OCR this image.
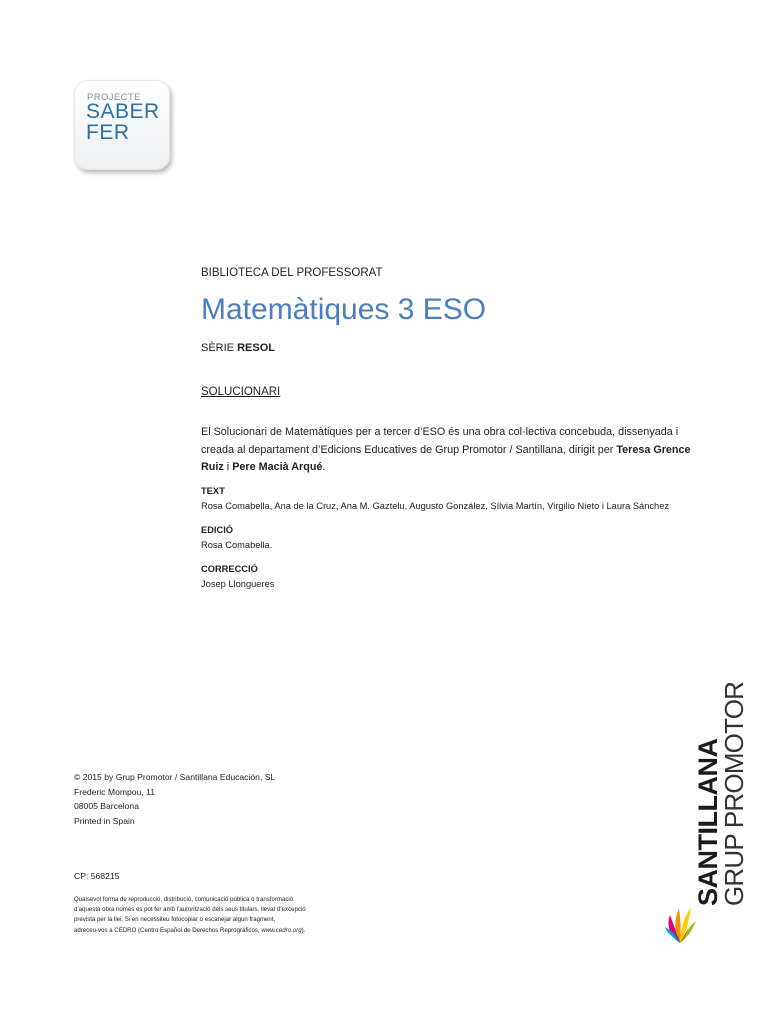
PROJECTE
SABER
FER
BIBLIOTECA DEL PROFESSORAT
Matemàtiques 3 ESO
SÈRIE RESOL
SOLUCIONARI
El Solucionari de Matemàtiques per a tercer d’ESO és una obra col·lectiva concebuda, dissenyada i creada al departament d’Edicions Educatives de Grup Promotor / Santillana, dirigit per Teresa Grence Ruiz i Pere Macià Arqué.
TEXT
Rosa Comabella, Ana de la Cruz, Ana M. Gaztelu, Augusto González, Sílvia Martín, Virgilio Nieto i Laura Sánchez
EDICIÓ
Rosa Comabella.
CORRECCIÓ
Josep Llongueres
© 2015 by Grup Promotor / Santillana Educación, SL
Frederic Mompou, 11
08005 Barcelona
Printed in Spain
CP: 568215
Qualsevol forma de reproducció, distribució, comunicació pública o transformació
d’aquesta obra només es pot fer amb l’autorització dels seus titulars, llevat d’excepció
prevista per la llei. Si en necessiteu fotocopiar o escanejar algun fragment,
adreceu-vos a CEDRO (Centro Español de Derechos Reprográficos, www.cedro.org).
SANTILLANA
GRUP PROMOTOR
